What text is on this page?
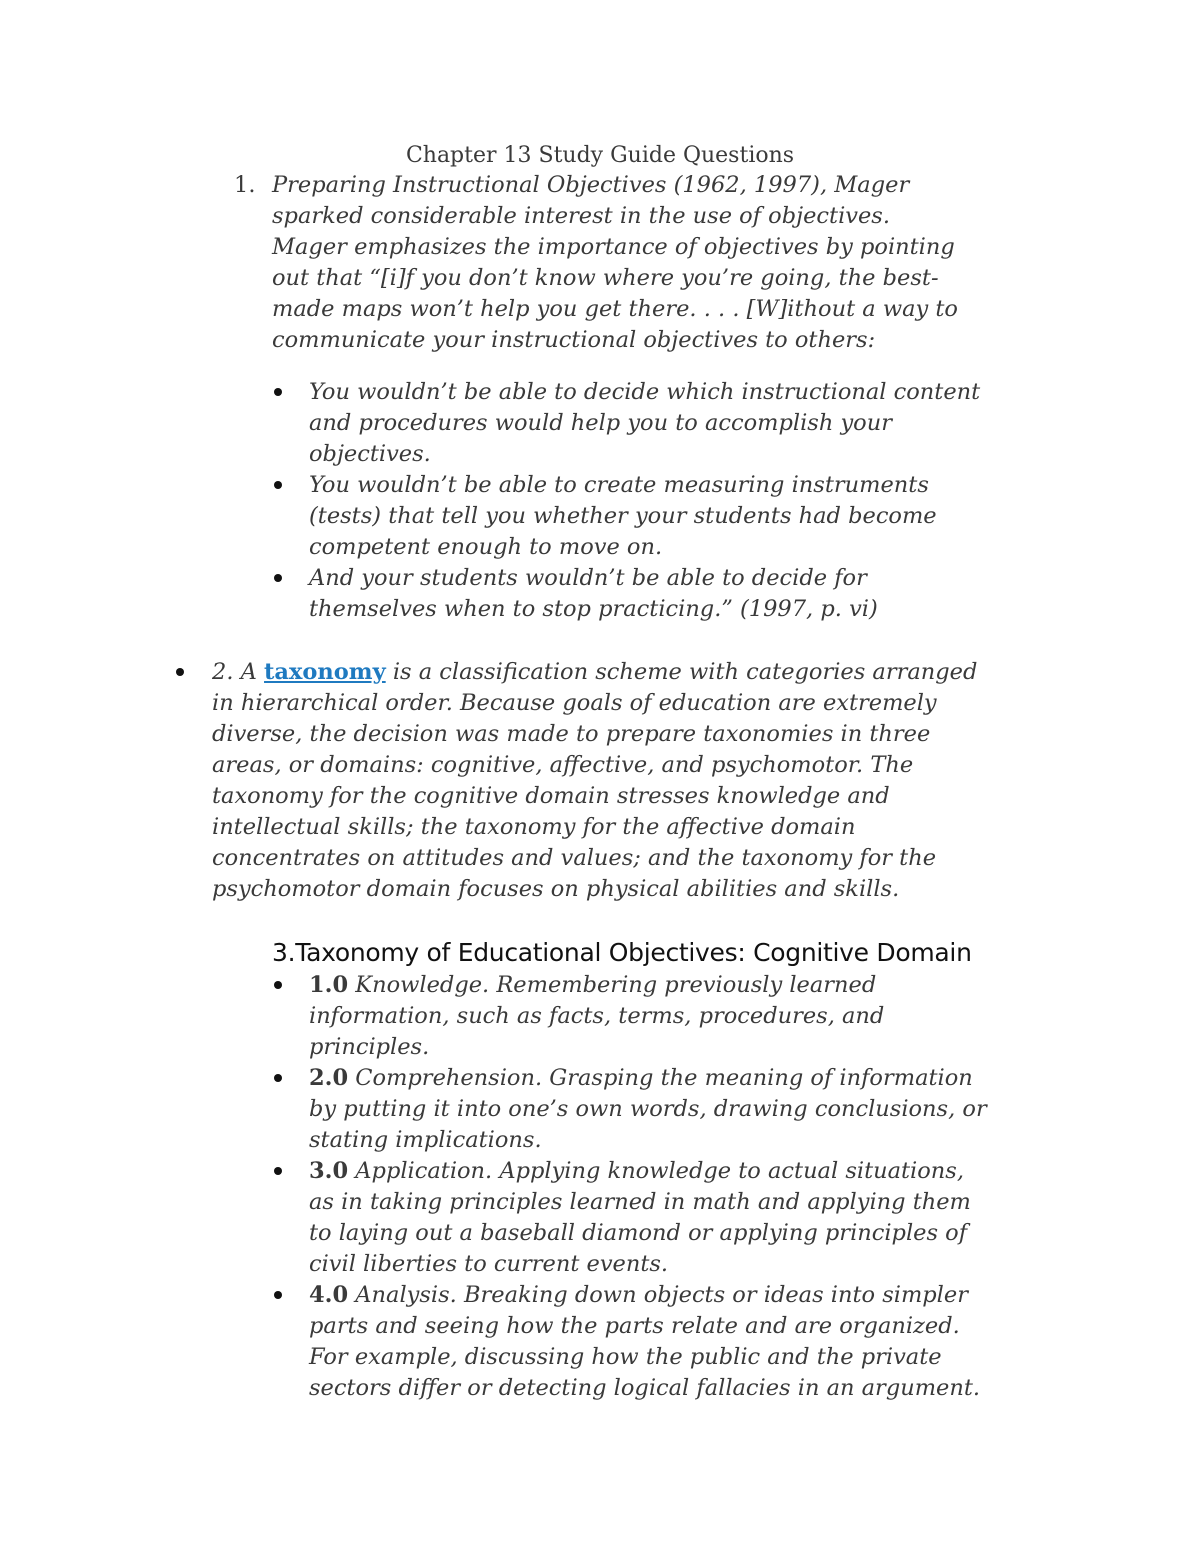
Chapter 13 Study Guide Questions
1. Preparing Instructional Objectives (1962, 1997), Mager sparked considerable interest in the use of objectives. Mager emphasizes the importance of objectives by pointing out that “[i]f you don’t know where you’re going, the best-made maps won’t help you get there. . . . [W]ithout a way to communicate your instructional objectives to others:
You wouldn’t be able to decide which instructional content and procedures would help you to accomplish your objectives.
You wouldn’t be able to create measuring instruments (tests) that tell you whether your students had become competent enough to move on.
And your students wouldn’t be able to decide for themselves when to stop practicing.” (1997, p. vi)
2. A taxonomy is a classification scheme with categories arranged in hierarchical order. Because goals of education are extremely diverse, the decision was made to prepare taxonomies in three areas, or domains: cognitive, affective, and psychomotor. The taxonomy for the cognitive domain stresses knowledge and intellectual skills; the taxonomy for the affective domain concentrates on attitudes and values; and the taxonomy for the psychomotor domain focuses on physical abilities and skills.
3.Taxonomy of Educational Objectives: Cognitive Domain
1.0 Knowledge. Remembering previously learned information, such as facts, terms, procedures, and principles.
2.0 Comprehension. Grasping the meaning of information by putting it into one’s own words, drawing conclusions, or stating implications.
3.0 Application. Applying knowledge to actual situations, as in taking principles learned in math and applying them to laying out a baseball diamond or applying principles of civil liberties to current events.
4.0 Analysis. Breaking down objects or ideas into simpler parts and seeing how the parts relate and are organized. For example, discussing how the public and the private sectors differ or detecting logical fallacies in an argument.
